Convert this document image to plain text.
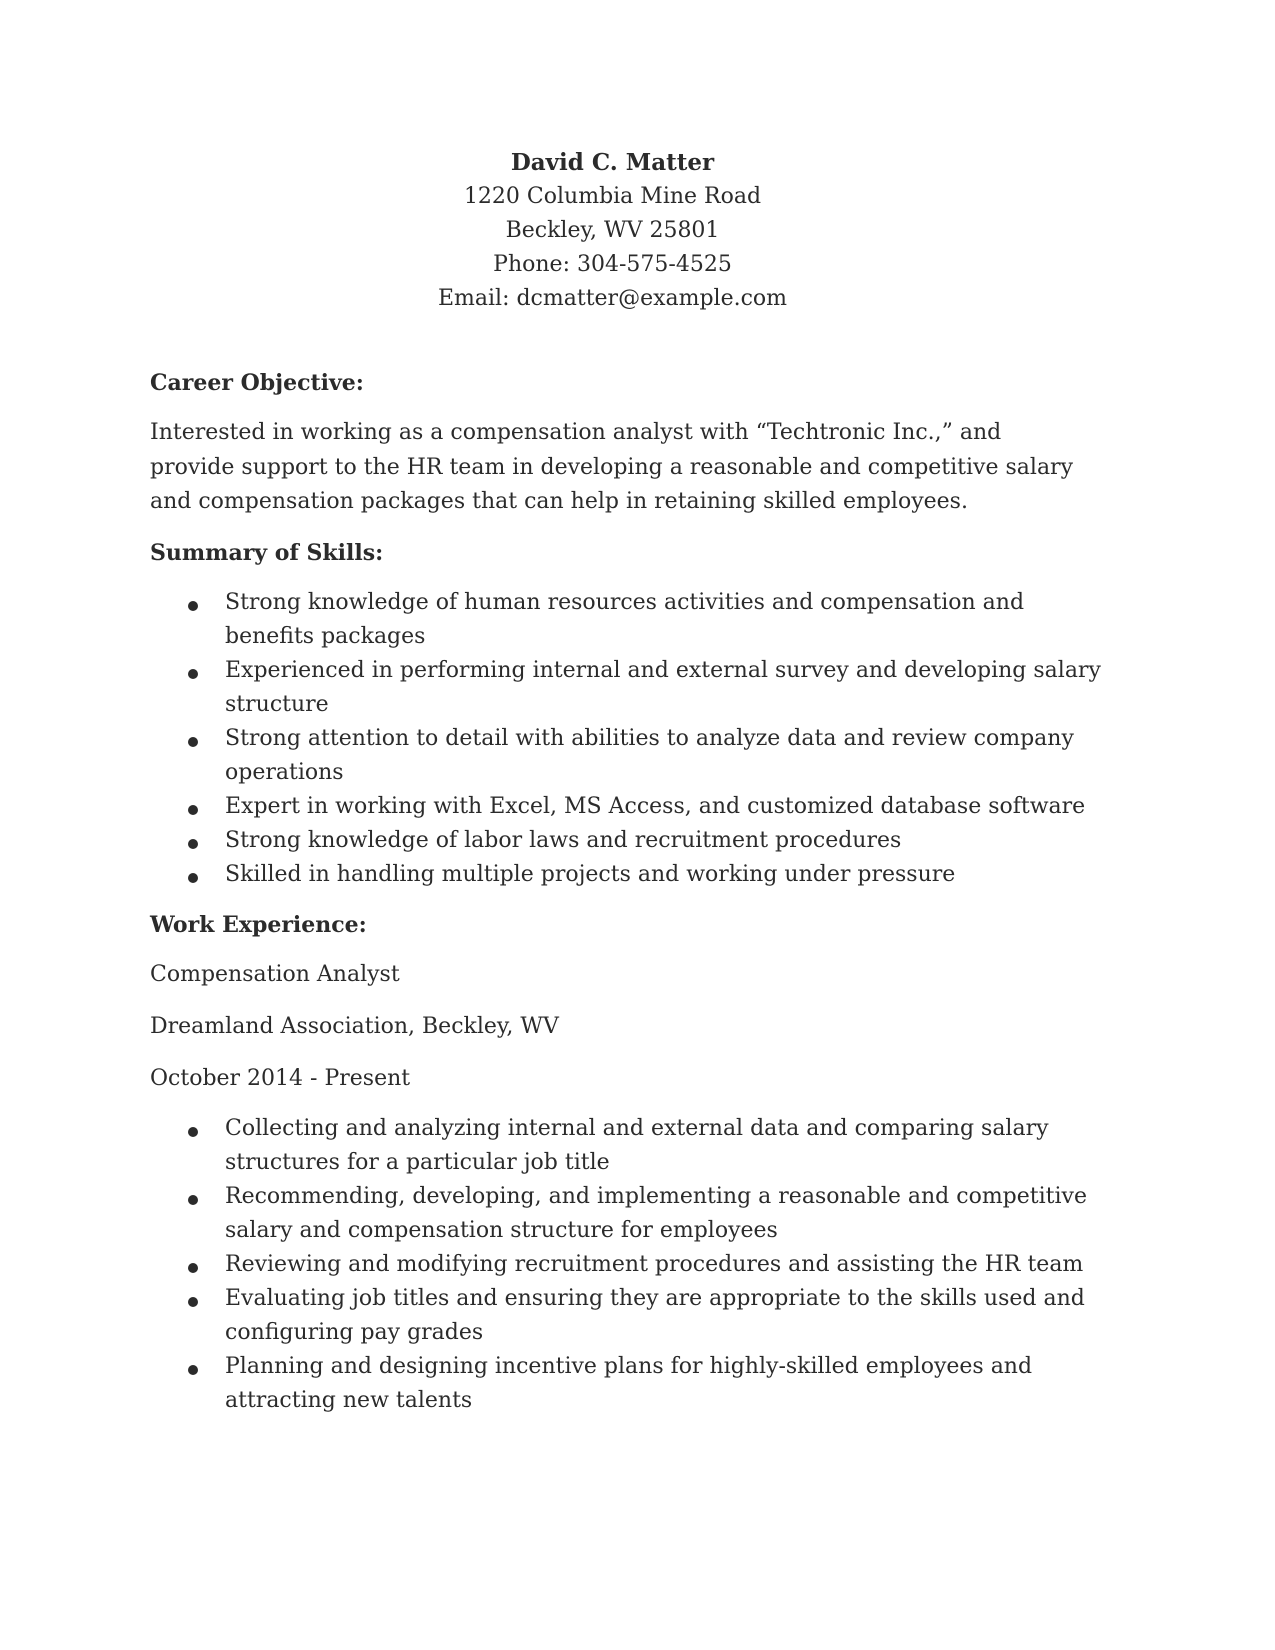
David C. Matter
1220 Columbia Mine Road
Beckley, WV 25801
Phone: 304-575-4525
Email: dcmatter@example.com
Career Objective:
Interested in working as a compensation analyst with “Techtronic Inc.,” and provide support to the HR team in developing a reasonable and competitive salary and compensation packages that can help in retaining skilled employees.
Summary of Skills:
Strong knowledge of human resources activities and compensation and benefits packages
Experienced in performing internal and external survey and developing salary structure
Strong attention to detail with abilities to analyze data and review company operations
Expert in working with Excel, MS Access, and customized database software
Strong knowledge of labor laws and recruitment procedures
Skilled in handling multiple projects and working under pressure
Work Experience:
Compensation Analyst
Dreamland Association, Beckley, WV
October 2014 - Present
Collecting and analyzing internal and external data and comparing salary structures for a particular job title
Recommending, developing, and implementing a reasonable and competitive salary and compensation structure for employees
Reviewing and modifying recruitment procedures and assisting the HR team
Evaluating job titles and ensuring they are appropriate to the skills used and configuring pay grades
Planning and designing incentive plans for highly-skilled employees and attracting new talents
